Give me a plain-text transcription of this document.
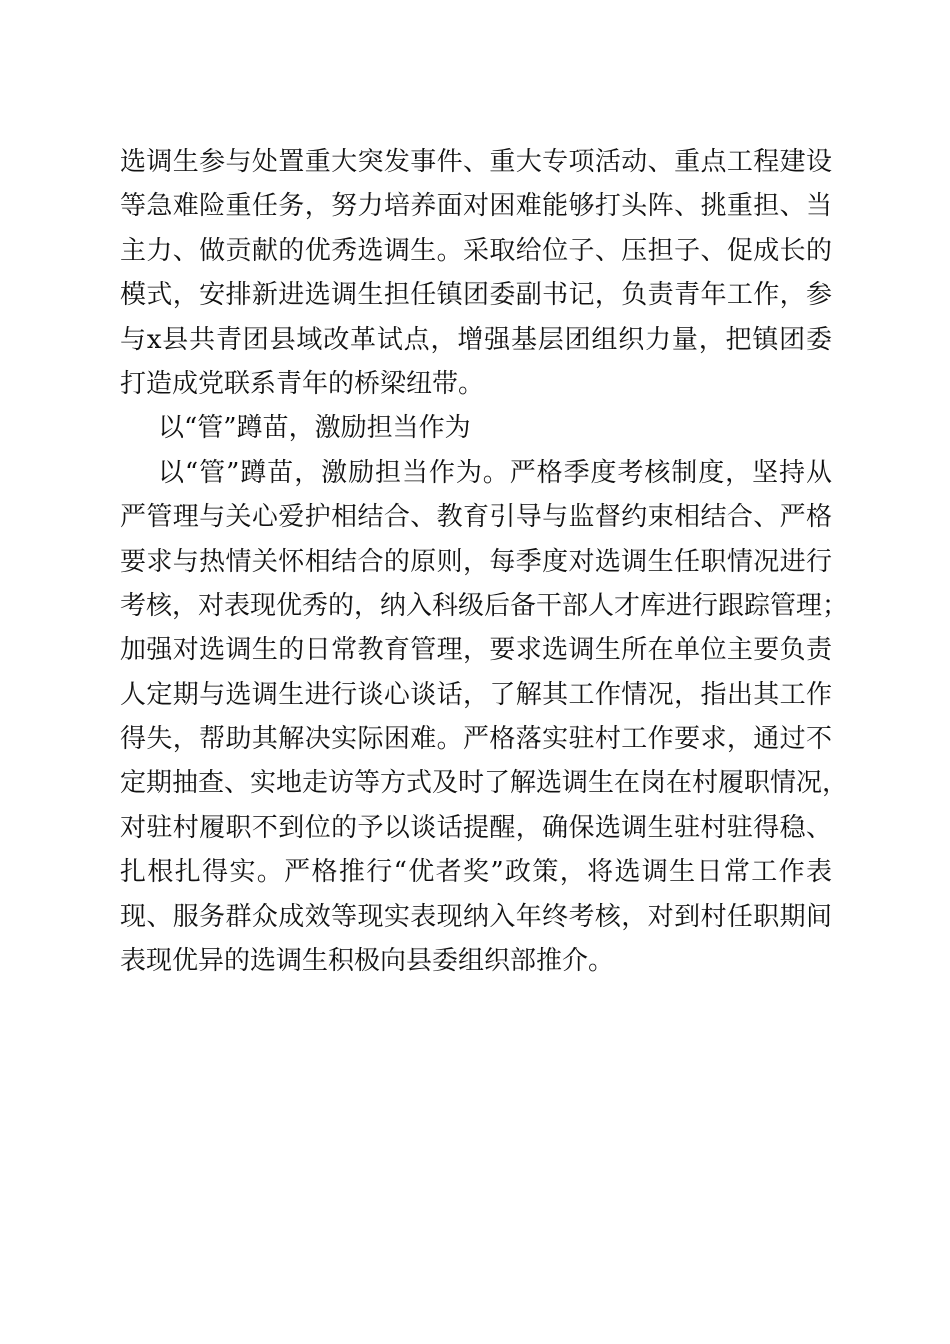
选调生参与处置重大突发事件、重大专项活动、重点工程建设
等急难险重任务，努力培养面对困难能够打头阵、挑重担、当
主力、做贡献的优秀选调生。采取给位子、压担子、促成长的
模式，安排新进选调生担任镇团委副书记，负责青年工作，参
与x县共青团县域改革试点，增强基层团组织力量，把镇团委
打造成党联系青年的桥梁纽带。
以“管”蹲苗，激励担当作为
以“管”蹲苗，激励担当作为。严格季度考核制度，坚持从
严管理与关心爱护相结合、教育引导与监督约束相结合、严格
要求与热情关怀相结合的原则，每季度对选调生任职情况进行
考核，对表现优秀的，纳入科级后备干部人才库进行跟踪管理；
加强对选调生的日常教育管理，要求选调生所在单位主要负责
人定期与选调生进行谈心谈话，了解其工作情况，指出其工作
得失，帮助其解决实际困难。严格落实驻村工作要求，通过不
定期抽查、实地走访等方式及时了解选调生在岗在村履职情况，
对驻村履职不到位的予以谈话提醒，确保选调生驻村驻得稳、
扎根扎得实。严格推行“优者奖”政策，将选调生日常工作表
现、服务群众成效等现实表现纳入年终考核，对到村任职期间
表现优异的选调生积极向县委组织部推介。
